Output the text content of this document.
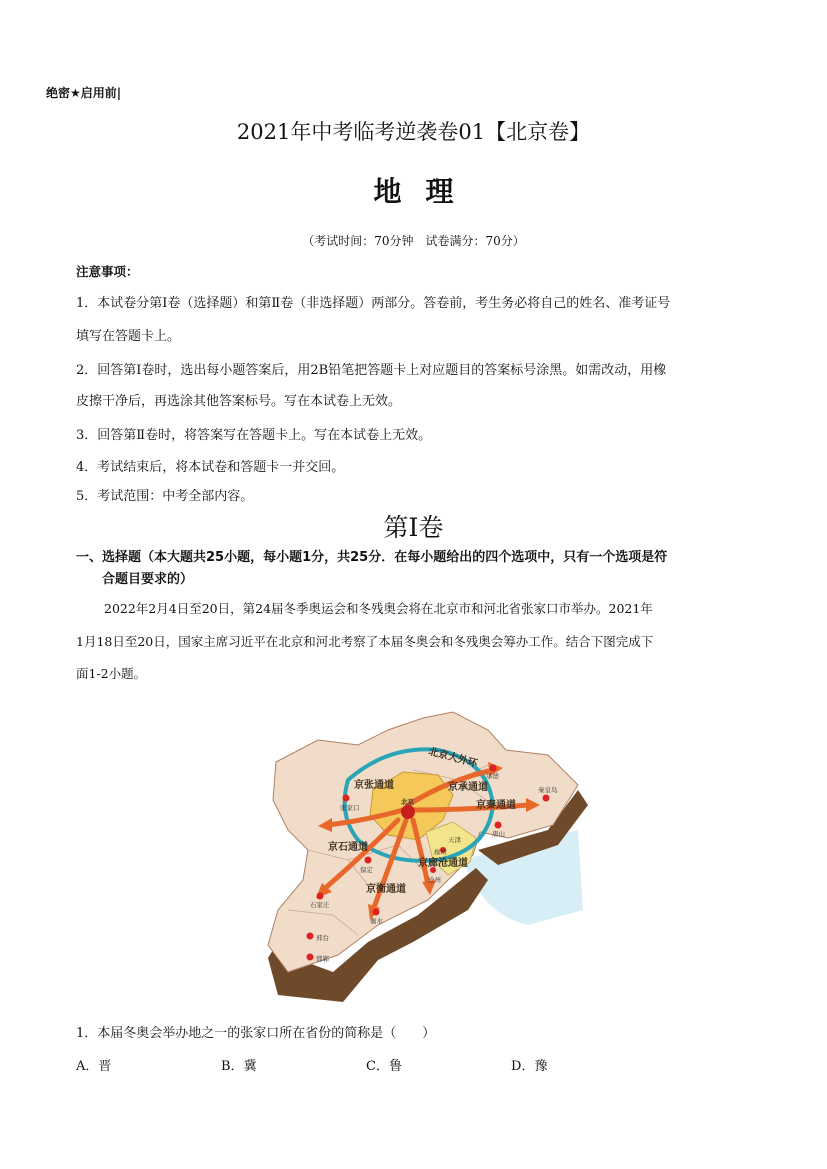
绝密★启用前|
2021年中考临考逆袭卷01【北京卷】
地理
（考试时间：70分钟　试卷满分：70分）
注意事项：
1．本试卷分第Ⅰ卷（选择题）和第Ⅱ卷（非选择题）两部分。答卷前，考生务必将自己的姓名、准考证号
填写在答题卡上。
2．回答第Ⅰ卷时，选出每小题答案后，用2B铅笔把答题卡上对应题目的答案标号涂黑。如需改动，用橡
皮擦干净后，再选涂其他答案标号。写在本试卷上无效。
3．回答第Ⅱ卷时，将答案写在答题卡上。写在本试卷上无效。
4．考试结束后，将本试卷和答题卡一并交回。
5．考试范围：中考全部内容。
第Ⅰ卷
一、选择题（本大题共25小题，每小题1分，共25分．在每小题给出的四个选项中，只有一个选项是符
合题目要求的）
2022年2月4日至20日，第24届冬季奥运会和冬残奥会将在北京市和河北省张家口市举办。2021年
1月18日至20日，国家主席习近平在北京和河北考察了本届冬奥会和冬残奥会筹办工作。结合下图完成下
面1-2小题。
北京大外环
京张通道	京承通道
京秦通道
京石通道
京衡通道
京廊沧通道
北京
天津
张家口
承德
秦皇岛
唐山
廊坊
保定
沧州
石家庄
衡水
邢台
邯郸
1．本届冬奥会举办地之一的张家口所在省份的简称是（　　）
A．晋	B．冀	C．鲁	D．豫
